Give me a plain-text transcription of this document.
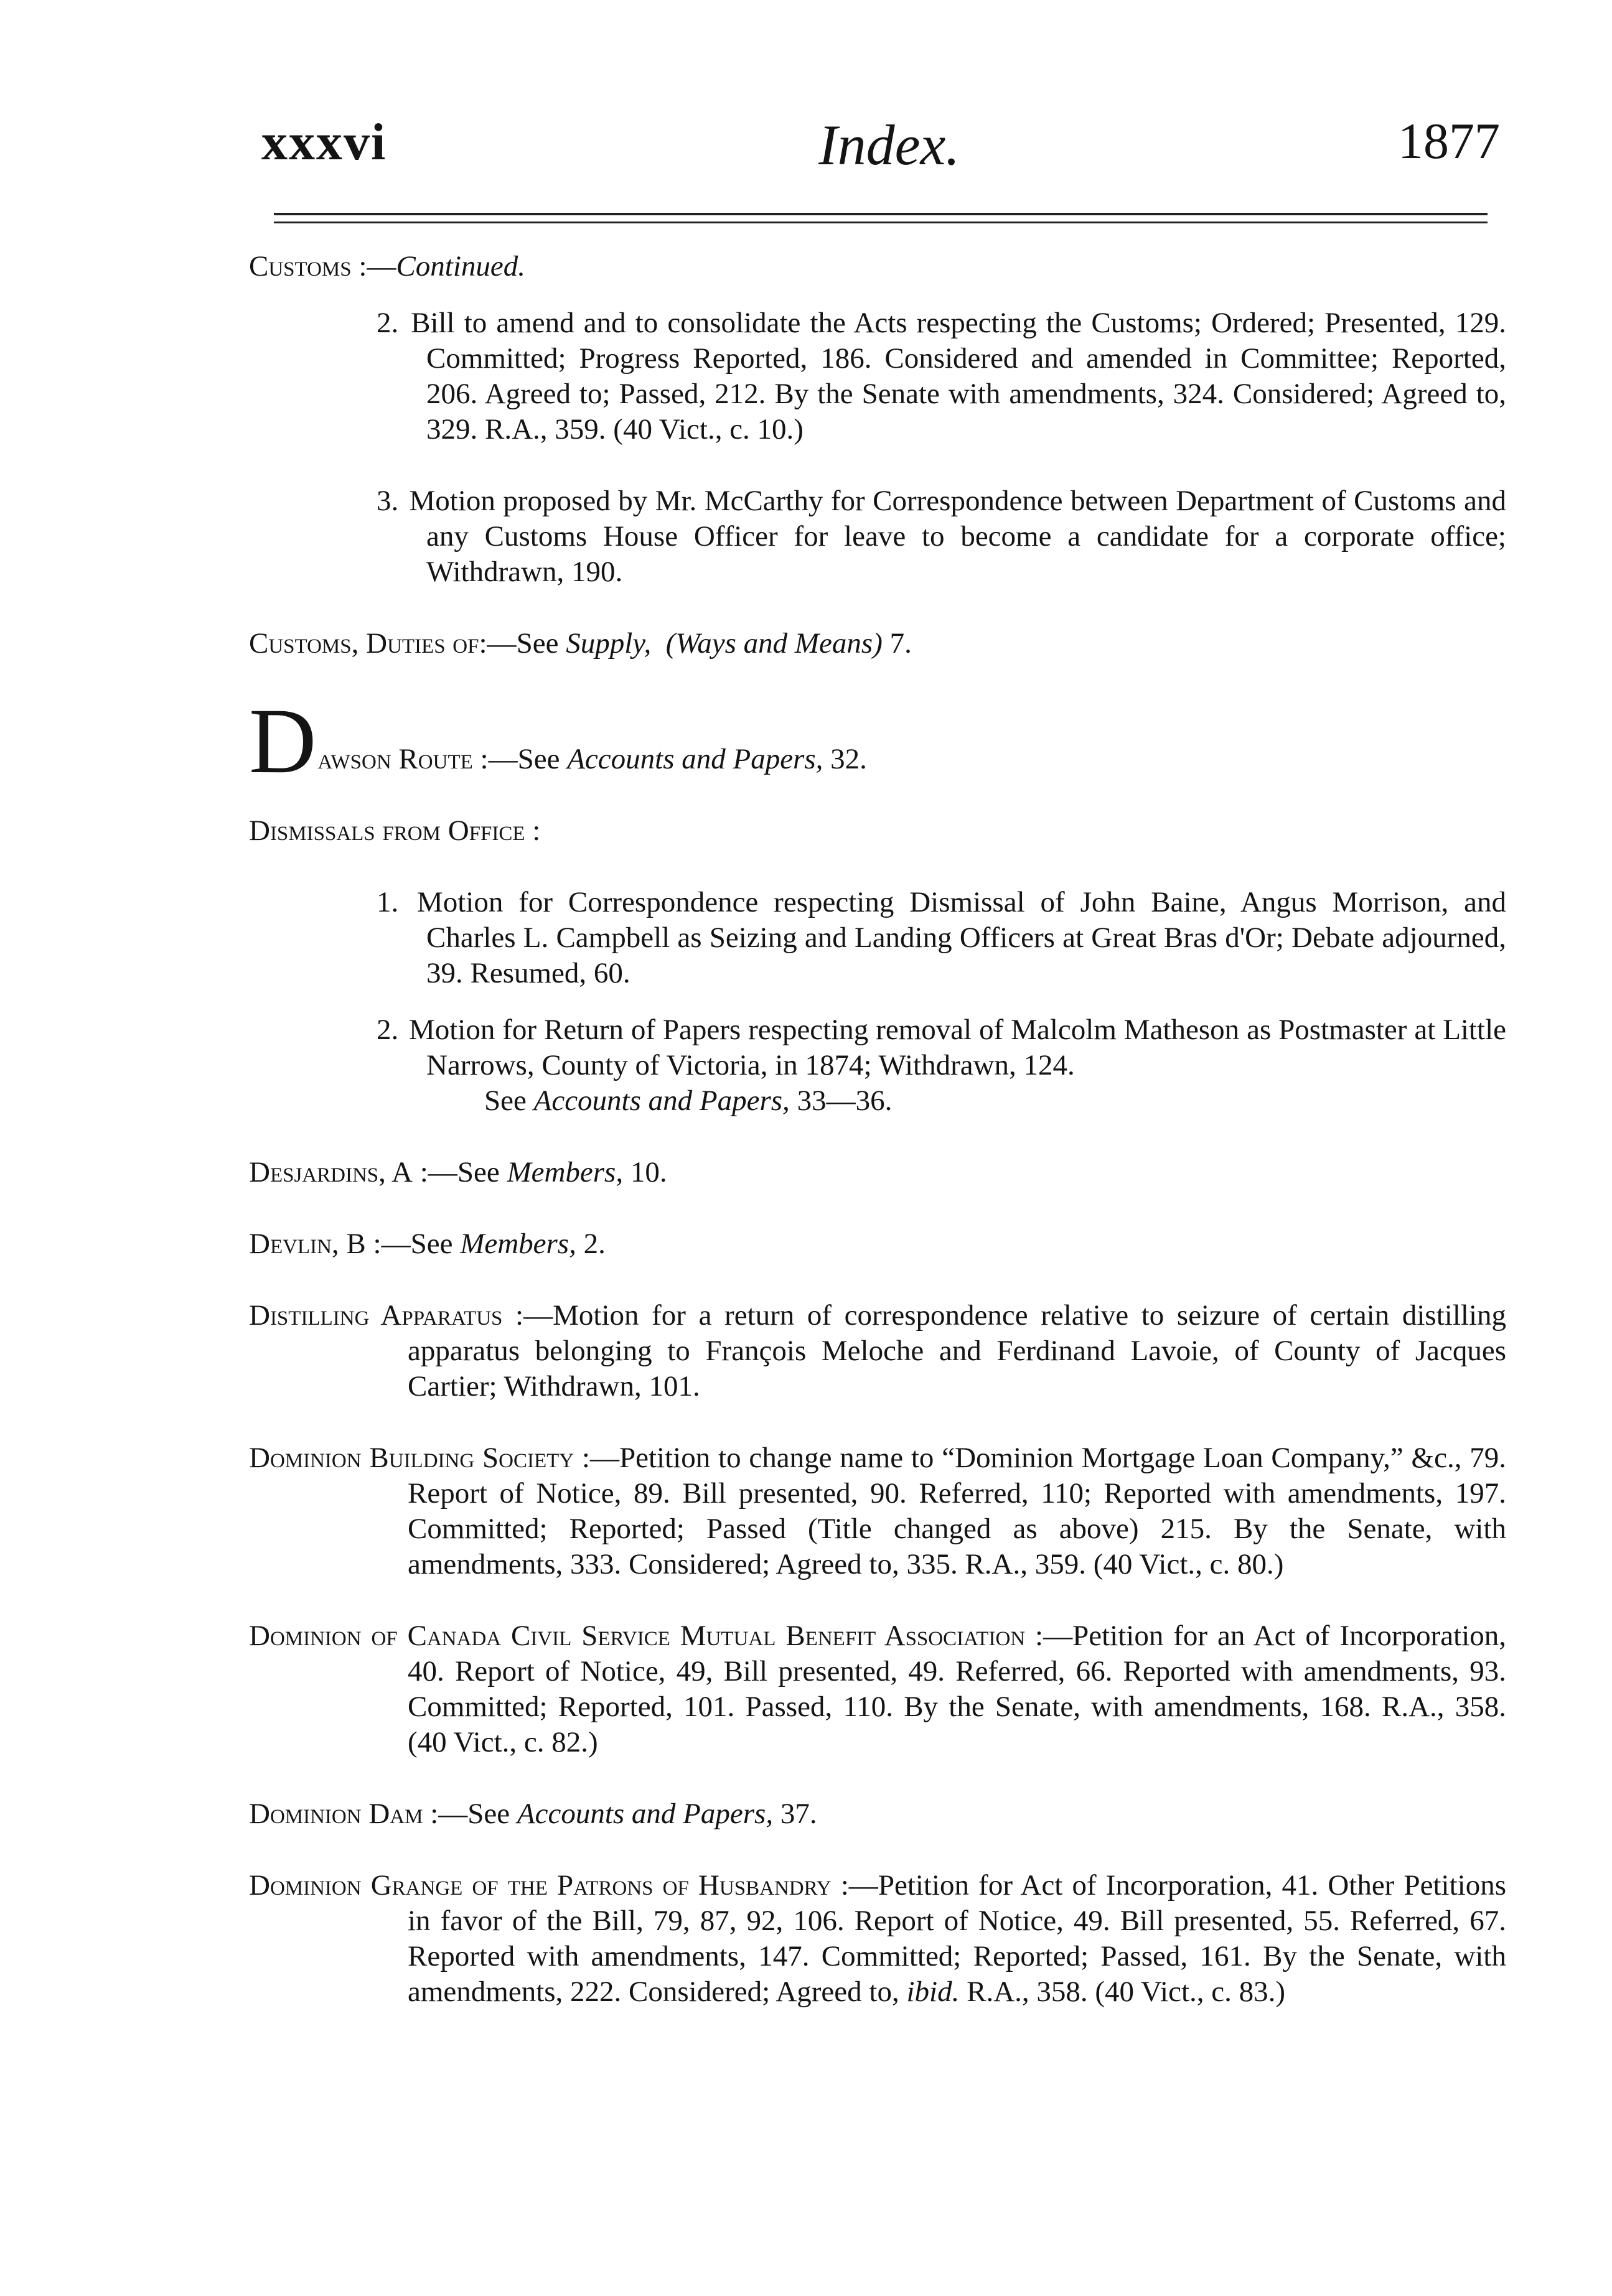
xxxvi	Index.	1877

Customs :—Continued.

2. Bill to amend and to consolidate the Acts respecting the Customs; Ordered; Presented, 129. Committed; Progress Reported, 186. Considered and amended in Committee; Reported, 206. Agreed to; Passed, 212. By the Senate with amendments, 324. Considered; Agreed to, 329. R.A., 359. (40 Vict., c. 10.)

3. Motion proposed by Mr. McCarthy for Correspondence between Department of Customs and any Customs House Officer for leave to become a candidate for a corporate office; Withdrawn, 190.

Customs, Duties of:—See Supply, (Ways and Means) 7.

Dawson Route :—See Accounts and Papers, 32.

Dismissals from Office :

1. Motion for Correspondence respecting Dismissal of John Baine, Angus Morrison, and Charles L. Campbell as Seizing and Landing Officers at Great Bras d'Or; Debate adjourned, 39. Resumed, 60.

2. Motion for Return of Papers respecting removal of Malcolm Matheson as Postmaster at Little Narrows, County of Victoria, in 1874; Withdrawn, 124.

See Accounts and Papers, 33—36.

Desjardins, A :—See Members, 10.

Devlin, B :—See Members, 2.

Distilling Apparatus :—Motion for a return of correspondence relative to seizure of certain distilling apparatus belonging to François Meloche and Ferdinand Lavoie, of County of Jacques Cartier; Withdrawn, 101.

Dominion Building Society :—Petition to change name to “Dominion Mortgage Loan Company,” &c., 79. Report of Notice, 89. Bill presented, 90. Referred, 110; Reported with amendments, 197. Committed; Reported; Passed (Title changed as above) 215. By the Senate, with amendments, 333. Considered; Agreed to, 335. R.A., 359. (40 Vict., c. 80.)

Dominion of Canada Civil Service Mutual Benefit Association :—Petition for an Act of Incorporation, 40. Report of Notice, 49, Bill presented, 49. Referred, 66. Reported with amendments, 93. Committed; Reported, 101. Passed, 110. By the Senate, with amendments, 168. R.A., 358. (40 Vict., c. 82.)

Dominion Dam :—See Accounts and Papers, 37.

Dominion Grange of the Patrons of Husbandry :—Petition for Act of Incorporation, 41. Other Petitions in favor of the Bill, 79, 87, 92, 106. Report of Notice, 49. Bill presented, 55. Referred, 67. Reported with amendments, 147. Committed; Reported; Passed, 161. By the Senate, with amendments, 222. Considered; Agreed to, ibid. R.A., 358. (40 Vict., c. 83.)
